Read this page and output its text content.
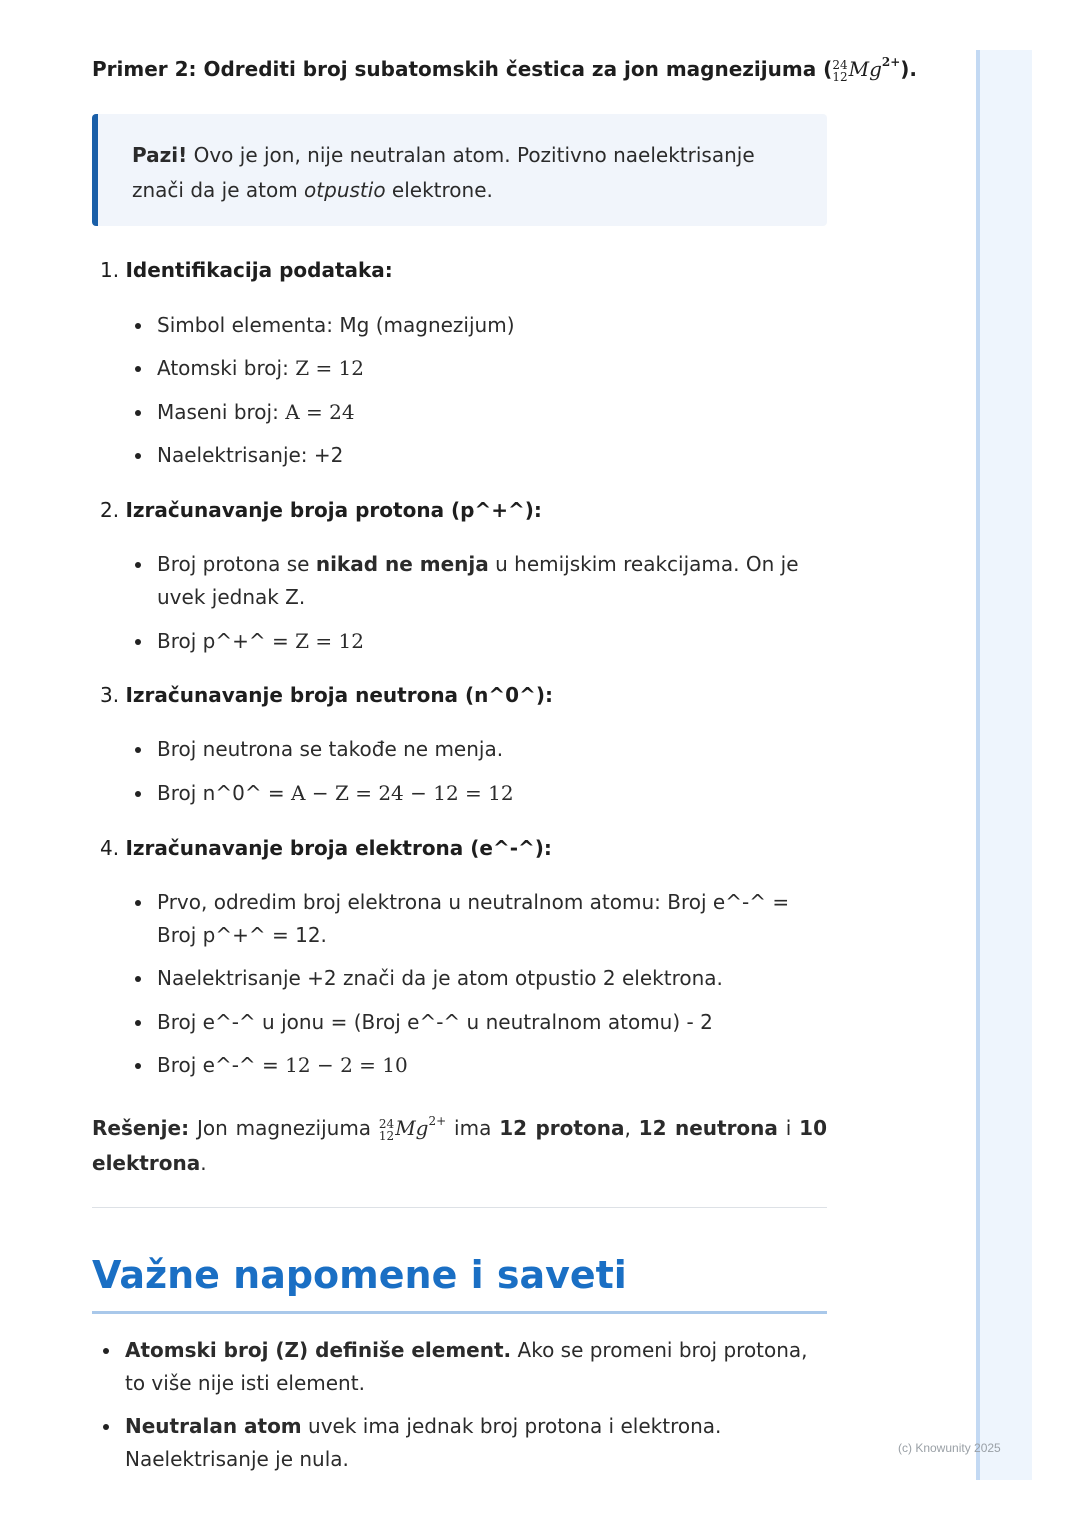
(c) Knowunity 2025
Primer 2: Odrediti broj subatomskih čestica za jon magnezijuma ( 24
12 $Mg^{2+}$).
Pazi! Ovo je jon, nije neutralan atom. Pozitivno naelektrisanje znači da je atom otpustio elektrone.
1. Identifikacija podataka:
Simbol elementa: Mg (magnezijum)
Atomski broj: Z = 12
Maseni broj: A = 24
Naelektrisanje: +2
2. Izračunavanje broja protona (p^+^):
Broj protona se nikad ne menja u hemijskim reakcijama. On je uvek jednak Z.
Broj p^+^ = Z = 12
3. Izračunavanje broja neutrona (n^0^):
Broj neutrona se takođe ne menja.
Broj n^0^ = A − Z = 24 − 12 = 12
4. Izračunavanje broja elektrona (e^-^):
Prvo, odredim broj elektrona u neutralnom atomu: Broj e^-^ = Broj p^+^ = 12.
Naelektrisanje +2 znači da je atom otpustio 2 elektrona.
Broj e^-^ u jonu = (Broj e^-^ u neutralnom atomu) - 2
Broj e^-^ = 12 − 2 = 10
Rešenje: Jon magnezijuma 24
12 $Mg^{2+}$ ima 12 protona, 12 neutrona i 10 elektrona.
Važne napomene i saveti
Atomski broj (Z) definiše element. Ako se promeni broj protona, to više nije isti element.
Neutralan atom uvek ima jednak broj protona i elektrona. Naelektrisanje je nula.
